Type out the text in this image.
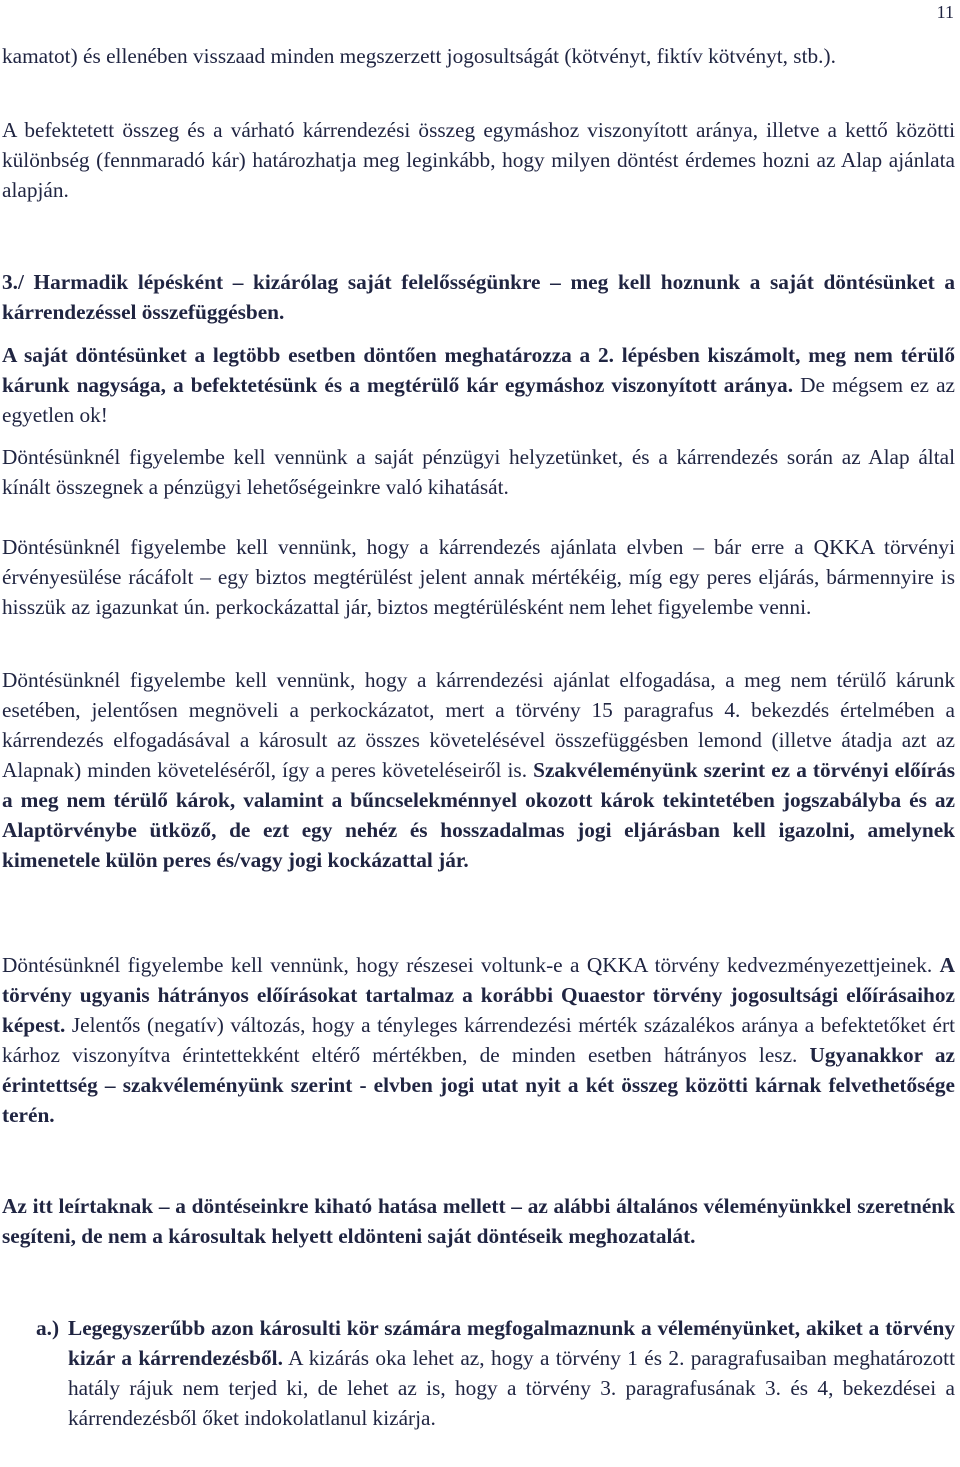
11

kamatot) és ellenében visszaad minden megszerzett jogosultságát (kötvényt, fiktív kötvényt, stb.).

A befektetett összeg és a várható kárrendezési összeg egymáshoz viszonyított aránya, illetve a kettő közötti különbség (fennmaradó kár) határozhatja meg leginkább, hogy milyen döntést érdemes hozni az Alap ajánlata alapján.

3./ Harmadik lépésként – kizárólag saját felelősségünkre – meg kell hoznunk a saját döntésünket a kárrendezéssel összefüggésben.

A saját döntésünket a legtöbb esetben döntően meghatározza a 2. lépésben kiszámolt, meg nem térülő kárunk nagysága, a befektetésünk és a megtérülő kár egymáshoz viszonyított aránya. De mégsem ez az egyetlen ok!

Döntésünknél figyelembe kell vennünk a saját pénzügyi helyzetünket, és a kárrendezés során az Alap által kínált összegnek a pénzügyi lehetőségeinkre való kihatását.

Döntésünknél figyelembe kell vennünk, hogy a kárrendezés ajánlata elvben – bár erre a QKKA törvényi érvényesülése rácáfolt – egy biztos megtérülést jelent annak mértékéig, míg egy peres eljárás, bármennyire is hisszük az igazunkat ún. perkockázattal jár, biztos megtérülésként nem lehet figyelembe venni.

Döntésünknél figyelembe kell vennünk, hogy a kárrendezési ajánlat elfogadása, a meg nem térülő kárunk esetében, jelentősen megnöveli a perkockázatot, mert a törvény 15 paragrafus 4. bekezdés értelmében a kárrendezés elfogadásával a károsult az összes követelésével összefüggésben lemond (illetve átadja azt az Alapnak) minden követeléséről, így a peres követeléseiről is. Szakvéleményünk szerint ez a törvényi előírás a meg nem térülő károk, valamint a bűncselekménnyel okozott károk tekintetében jogszabályba és az Alaptörvénybe ütköző, de ezt egy nehéz és hosszadalmas jogi eljárásban kell igazolni, amelynek kimenetele külön peres és/vagy jogi kockázattal jár.

Döntésünknél figyelembe kell vennünk, hogy részesei voltunk-e a QKKA törvény kedvezményezettjeinek. A törvény ugyanis hátrányos előírásokat tartalmaz a korábbi Quaestor törvény jogosultsági előírásaihoz képest. Jelentős (negatív) változás, hogy a tényleges kárrendezési mérték százalékos aránya a befektetőket ért kárhoz viszonyítva érintettekként eltérő mértékben, de minden esetben hátrányos lesz. Ugyanakkor az érintettség – szakvéleményünk szerint - elvben jogi utat nyit a két összeg közötti kárnak felvethetősége terén.

Az itt leírtaknak – a döntéseinkre kiható hatása mellett – az alábbi általános véleményünkkel szeretnénk segíteni, de nem a károsultak helyett eldönteni saját döntéseik meghozatalát.

a.) Legegyszerűbb azon károsulti kör számára megfogalmaznunk a véleményünket, akiket a törvény kizár a kárrendezésből. A kizárás oka lehet az, hogy a törvény 1 és 2. paragrafusaiban meghatározott hatály rájuk nem terjed ki, de lehet az is, hogy a törvény 3. paragrafusának 3. és 4, bekezdései a kárrendezésből őket indokolatlanul kizárja.
